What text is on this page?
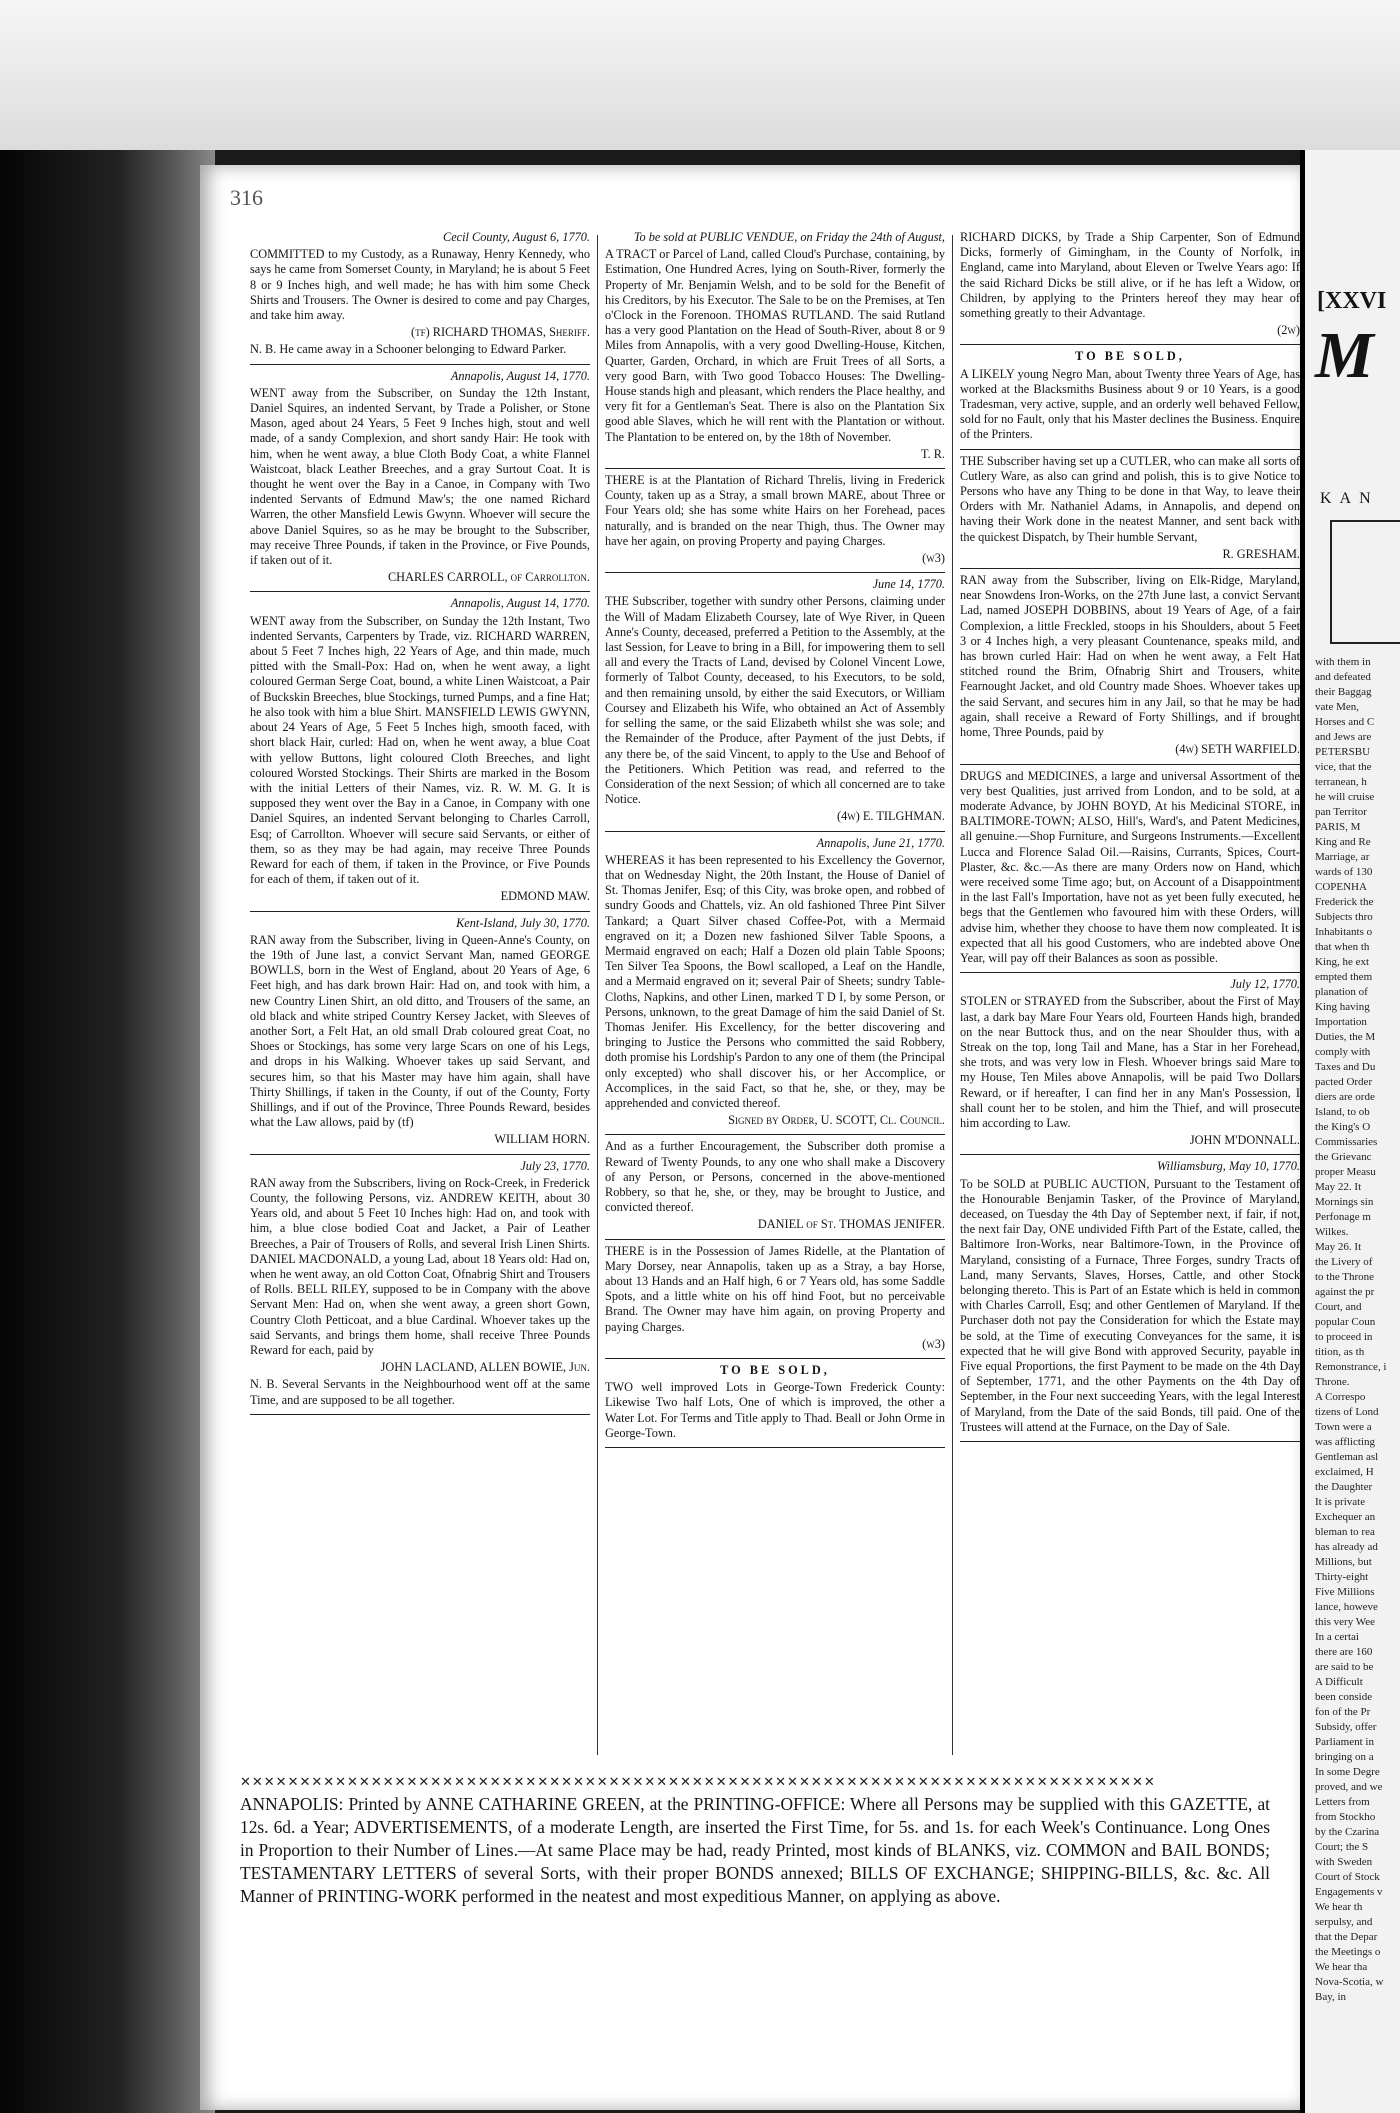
316

Cecil County, August 6, 1770.

COMMITTED to my Custody, as a Runaway, Henry Kennedy, who says he came from Somerset County, in Maryland; he is about 5 Feet 8 or 9 Inches high, and well made; he has with him some Check Shirts and Trousers. The Owner is desired to come and pay Charges, and take him away.

(tf) RICHARD THOMAS, Sheriff.

N. B. He came away in a Schooner belonging to Edward Parker.

Annapolis, August 14, 1770.

WENT away from the Subscriber, on Sunday the 12th Instant, Daniel Squires, an indented Servant, by Trade a Polisher, or Stone Mason, aged about 24 Years, 5 Feet 9 Inches high, stout and well made, of a sandy Complexion, and short sandy Hair: He took with him, when he went away, a blue Cloth Body Coat, a white Flannel Waistcoat, black Leather Breeches, and a gray Surtout Coat. It is thought he went over the Bay in a Canoe, in Company with Two indented Servants of Edmund Maw's; the one named Richard Warren, the other Mansfield Lewis Gwynn. Whoever will secure the above Daniel Squires, so as he may be brought to the Subscriber, may receive Three Pounds, if taken in the Province, or Five Pounds, if taken out of it.

CHARLES CARROLL, of Carrollton.

Annapolis, August 14, 1770.

WENT away from the Subscriber, on Sunday the 12th Instant, Two indented Servants, Carpenters by Trade, viz. RICHARD WARREN, about 5 Feet 7 Inches high, 22 Years of Age, and thin made, much pitted with the Small-Pox: Had on, when he went away, a light coloured German Serge Coat, bound, a white Linen Waistcoat, a Pair of Buckskin Breeches, blue Stockings, turned Pumps, and a fine Hat; he also took with him a blue Shirt. MANSFIELD LEWIS GWYNN, about 24 Years of Age, 5 Feet 5 Inches high, smooth faced, with short black Hair, curled: Had on, when he went away, a blue Coat with yellow Buttons, light coloured Cloth Breeches, and light coloured Worsted Stockings. Their Shirts are marked in the Bosom with the initial Letters of their Names, viz. R. W. M. G. It is supposed they went over the Bay in a Canoe, in Company with one Daniel Squires, an indented Servant belonging to Charles Carroll, Esq; of Carrollton. Whoever will secure said Servants, or either of them, so as they may be had again, may receive Three Pounds Reward for each of them, if taken in the Province, or Five Pounds for each of them, if taken out of it.

EDMOND MAW.

Kent-Island, July 30, 1770.

RAN away from the Subscriber, living in Queen-Anne's County, on the 19th of June last, a convict Servant Man, named GEORGE BOWLLS, born in the West of England, about 20 Years of Age, 6 Feet high, and has dark brown Hair: Had on, and took with him, a new Country Linen Shirt, an old ditto, and Trousers of the same, an old black and white striped Country Kersey Jacket, with Sleeves of another Sort, a Felt Hat, an old small Drab coloured great Coat, no Shoes or Stockings, has some very large Scars on one of his Legs, and drops in his Walking. Whoever takes up said Servant, and secures him, so that his Master may have him again, shall have Thirty Shillings, if taken in the County, if out of the County, Forty Shillings, and if out of the Province, Three Pounds Reward, besides what the Law allows, paid by (tf)

WILLIAM HORN.

July 23, 1770.

RAN away from the Subscribers, living on Rock-Creek, in Frederick County, the following Persons, viz. ANDREW KEITH, about 30 Years old, and about 5 Feet 10 Inches high: Had on, and took with him, a blue close bodied Coat and Jacket, a Pair of Leather Breeches, a Pair of Trousers of Rolls, and several Irish Linen Shirts. DANIEL MACDONALD, a young Lad, about 18 Years old: Had on, when he went away, an old Cotton Coat, Ofnabrig Shirt and Trousers of Rolls. BELL RILEY, supposed to be in Company with the above Servant Men: Had on, when she went away, a green short Gown, Country Cloth Petticoat, and a blue Cardinal. Whoever takes up the said Servants, and brings them home, shall receive Three Pounds Reward for each, paid by

JOHN LACLAND, ALLEN BOWIE, Jun.

N. B. Several Servants in the Neighbourhood went off at the same Time, and are supposed to be all together.

To be sold at PUBLIC VENDUE, on Friday the 24th of August,

A TRACT or Parcel of Land, called Cloud's Purchase, containing, by Estimation, One Hundred Acres, lying on South-River, formerly the Property of Mr. Benjamin Welsh, and to be sold for the Benefit of his Creditors, by his Executor. The Sale to be on the Premises, at Ten o'Clock in the Forenoon. THOMAS RUTLAND. The said Rutland has a very good Plantation on the Head of South-River, about 8 or 9 Miles from Annapolis, with a very good Dwelling-House, Kitchen, Quarter, Garden, Orchard, in which are Fruit Trees of all Sorts, a very good Barn, with Two good Tobacco Houses: The Dwelling-House stands high and pleasant, which renders the Place healthy, and very fit for a Gentleman's Seat. There is also on the Plantation Six good able Slaves, which he will rent with the Plantation or without. The Plantation to be entered on, by the 18th of November.

T. R.

THERE is at the Plantation of Richard Threlis, living in Frederick County, taken up as a Stray, a small brown MARE, about Three or Four Years old; she has some white Hairs on her Forehead, paces naturally, and is branded on the near Thigh, thus. The Owner may have her again, on proving Property and paying Charges.

(w3)

June 14, 1770.

THE Subscriber, together with sundry other Persons, claiming under the Will of Madam Elizabeth Coursey, late of Wye River, in Queen Anne's County, deceased, preferred a Petition to the Assembly, at the last Session, for Leave to bring in a Bill, for impowering them to sell all and every the Tracts of Land, devised by Colonel Vincent Lowe, formerly of Talbot County, deceased, to his Executors, to be sold, and then remaining unsold, by either the said Executors, or William Coursey and Elizabeth his Wife, who obtained an Act of Assembly for selling the same, or the said Elizabeth whilst she was sole; and the Remainder of the Produce, after Payment of the just Debts, if any there be, of the said Vincent, to apply to the Use and Behoof of the Petitioners. Which Petition was read, and referred to the Consideration of the next Session; of which all concerned are to take Notice.

(4w) E. TILGHMAN.

Annapolis, June 21, 1770.

WHEREAS it has been represented to his Excellency the Governor, that on Wednesday Night, the 20th Instant, the House of Daniel of St. Thomas Jenifer, Esq; of this City, was broke open, and robbed of sundry Goods and Chattels, viz. An old fashioned Three Pint Silver Tankard; a Quart Silver chased Coffee-Pot, with a Mermaid engraved on it; a Dozen new fashioned Silver Table Spoons, a Mermaid engraved on each; Half a Dozen old plain Table Spoons; Ten Silver Tea Spoons, the Bowl scalloped, a Leaf on the Handle, and a Mermaid engraved on it; several Pair of Sheets; sundry Table-Cloths, Napkins, and other Linen, marked T D I, by some Person, or Persons, unknown, to the great Damage of him the said Daniel of St. Thomas Jenifer. His Excellency, for the better discovering and bringing to Justice the Persons who committed the said Robbery, doth promise his Lordship's Pardon to any one of them (the Principal only excepted) who shall discover his, or her Accomplice, or Accomplices, in the said Fact, so that he, she, or they, may be apprehended and convicted thereof.

Signed by Order, U. SCOTT, Cl. Council.

And as a further Encouragement, the Subscriber doth promise a Reward of Twenty Pounds, to any one who shall make a Discovery of any Person, or Persons, concerned in the above-mentioned Robbery, so that he, she, or they, may be brought to Justice, and convicted thereof.

DANIEL of St. THOMAS JENIFER.

THERE is in the Possession of James Ridelle, at the Plantation of Mary Dorsey, near Annapolis, taken up as a Stray, a bay Horse, about 13 Hands and an Half high, 6 or 7 Years old, has some Saddle Spots, and a little white on his off hind Foot, but no perceivable Brand. The Owner may have him again, on proving Property and paying Charges.

(w3)

TO BE SOLD,

TWO well improved Lots in George-Town Frederick County: Likewise Two half Lots, One of which is improved, the other a Water Lot. For Terms and Title apply to Thad. Beall or John Orme in George-Town.

RICHARD DICKS, by Trade a Ship Carpenter, Son of Edmund Dicks, formerly of Gimingham, in the County of Norfolk, in England, came into Maryland, about Eleven or Twelve Years ago: If the said Richard Dicks be still alive, or if he has left a Widow, or Children, by applying to the Printers hereof they may hear of something greatly to their Advantage.

(2w)

TO BE SOLD,

A LIKELY young Negro Man, about Twenty three Years of Age, has worked at the Blacksmiths Business about 9 or 10 Years, is a good Tradesman, very active, supple, and an orderly well behaved Fellow, sold for no Fault, only that his Master declines the Business. Enquire of the Printers.

THE Subscriber having set up a CUTLER, who can make all sorts of Cutlery Ware, as also can grind and polish, this is to give Notice to Persons who have any Thing to be done in that Way, to leave their Orders with Mr. Nathaniel Adams, in Annapolis, and depend on having their Work done in the neatest Manner, and sent back with the quickest Dispatch, by Their humble Servant,

R. GRESHAM.

RAN away from the Subscriber, living on Elk-Ridge, Maryland, near Snowdens Iron-Works, on the 27th June last, a convict Servant Lad, named JOSEPH DOBBINS, about 19 Years of Age, of a fair Complexion, a little Freckled, stoops in his Shoulders, about 5 Feet 3 or 4 Inches high, a very pleasant Countenance, speaks mild, and has brown curled Hair: Had on when he went away, a Felt Hat stitched round the Brim, Ofnabrig Shirt and Trousers, white Fearnought Jacket, and old Country made Shoes. Whoever takes up the said Servant, and secures him in any Jail, so that he may be had again, shall receive a Reward of Forty Shillings, and if brought home, Three Pounds, paid by

(4w) SETH WARFIELD.

DRUGS and MEDICINES, a large and universal Assortment of the very best Qualities, just arrived from London, and to be sold, at a moderate Advance, by JOHN BOYD, At his Medicinal STORE, in BALTIMORE-TOWN; ALSO, Hill's, Ward's, and Patent Medicines, all genuine.—Shop Furniture, and Surgeons Instruments.—Excellent Lucca and Florence Salad Oil.—Raisins, Currants, Spices, Court-Plaster, &c. &c.—As there are many Orders now on Hand, which were received some Time ago; but, on Account of a Disappointment in the last Fall's Importation, have not as yet been fully executed, he begs that the Gentlemen who favoured him with these Orders, will advise him, whether they choose to have them now compleated. It is expected that all his good Customers, who are indebted above One Year, will pay off their Balances as soon as possible.

July 12, 1770.

STOLEN or STRAYED from the Subscriber, about the First of May last, a dark bay Mare Four Years old, Fourteen Hands high, branded on the near Buttock thus, and on the near Shoulder thus, with a Streak on the top, long Tail and Mane, has a Star in her Forehead, she trots, and was very low in Flesh. Whoever brings said Mare to my House, Ten Miles above Annapolis, will be paid Two Dollars Reward, or if hereafter, I can find her in any Man's Possession, I shall count her to be stolen, and him the Thief, and will prosecute him according to Law.

JOHN M'DONNALL.

Williamsburg, May 10, 1770.

To be SOLD at PUBLIC AUCTION, Pursuant to the Testament of the Honourable Benjamin Tasker, of the Province of Maryland, deceased, on Tuesday the 4th Day of September next, if fair, if not, the next fair Day, ONE undivided Fifth Part of the Estate, called, the Baltimore Iron-Works, near Baltimore-Town, in the Province of Maryland, consisting of a Furnace, Three Forges, sundry Tracts of Land, many Servants, Slaves, Horses, Cattle, and other Stock belonging thereto. This is Part of an Estate which is held in common with Charles Carroll, Esq; and other Gentlemen of Maryland. If the Purchaser doth not pay the Consideration for which the Estate may be sold, at the Time of executing Conveyances for the same, it is expected that he will give Bond with approved Security, payable in Five equal Proportions, the first Payment to be made on the 4th Day of September, 1771, and the other Payments on the 4th Day of September, in the Four next succeeding Years, with the legal Interest of Maryland, from the Date of the said Bonds, till paid. One of the Trustees will attend at the Furnace, on the Day of Sale.

✕✕✕✕✕✕✕✕✕✕✕✕✕✕✕✕✕✕✕✕✕✕✕✕✕✕✕✕✕✕✕✕✕✕✕✕✕✕✕✕✕✕✕✕✕✕✕✕✕✕✕✕✕✕✕✕✕✕✕✕✕✕✕✕✕✕✕✕✕✕✕✕✕✕✕✕✕
ANNAPOLIS: Printed by ANNE CATHARINE GREEN, at the PRINTING-OFFICE: Where all Persons may be supplied with this GAZETTE, at 12s. 6d. a Year; ADVERTISEMENTS, of a moderate Length, are inserted the First Time, for 5s. and 1s. for each Week's Continuance. Long Ones in Proportion to their Number of Lines.—At same Place may be had, ready Printed, most kinds of BLANKS, viz. COMMON and BAIL BONDS; TESTAMENTARY LETTERS of several Sorts, with their proper BONDS annexed; BILLS OF EXCHANGE; SHIPPING-BILLS, &c. &c. All Manner of PRINTING-WORK performed in the neatest and most expeditious Manner, on applying as above.
[XXVI
M
KAN
with them in
and defeated
their Baggag
vate Men,
Horses and C
and Jews are
PETERSBU
vice, that the
terranean, h
he will cruise
pan Territor
PARIS, M
King and Re
Marriage, ar
wards of 130
COPENHA
Frederick the
Subjects thro
Inhabitants o
that when th
King, he ext
empted them
planation of
King having
Importation
Duties, the M
comply with
Taxes and Du
pacted Order
diers are orde
Island, to ob
the King's O
Commissaries
the Grievanc
proper Measu
May 22. It
Mornings sin
Perfonage m
Wilkes.
May 26. It
the Livery of
to the Throne
against the pr
Court, and
popular Coun
to proceed in
tition, as th
Remonstrance, i
Throne.
A Correspo
tizens of Lond
Town were a
was afflicting
Gentleman asl
exclaimed, H
the Daughter
It is private
Exchequer an
bleman to rea
has already ad
Millions, but
Thirty-eight
Five Millions
lance, howeve
this very Wee
In a certai
there are 160
are said to be
A Difficult
been conside
fon of the Pr
Subsidy, offer
Parliament in
bringing on a
In some Degre
proved, and we
Letters from
from Stockho
by the Czarina
Court; the S
with Sweden
Court of Stock
Engagements v
We hear th
serpulsy, and
that the Depar
the Meetings o
We hear tha
Nova-Scotia, w
Bay, in
